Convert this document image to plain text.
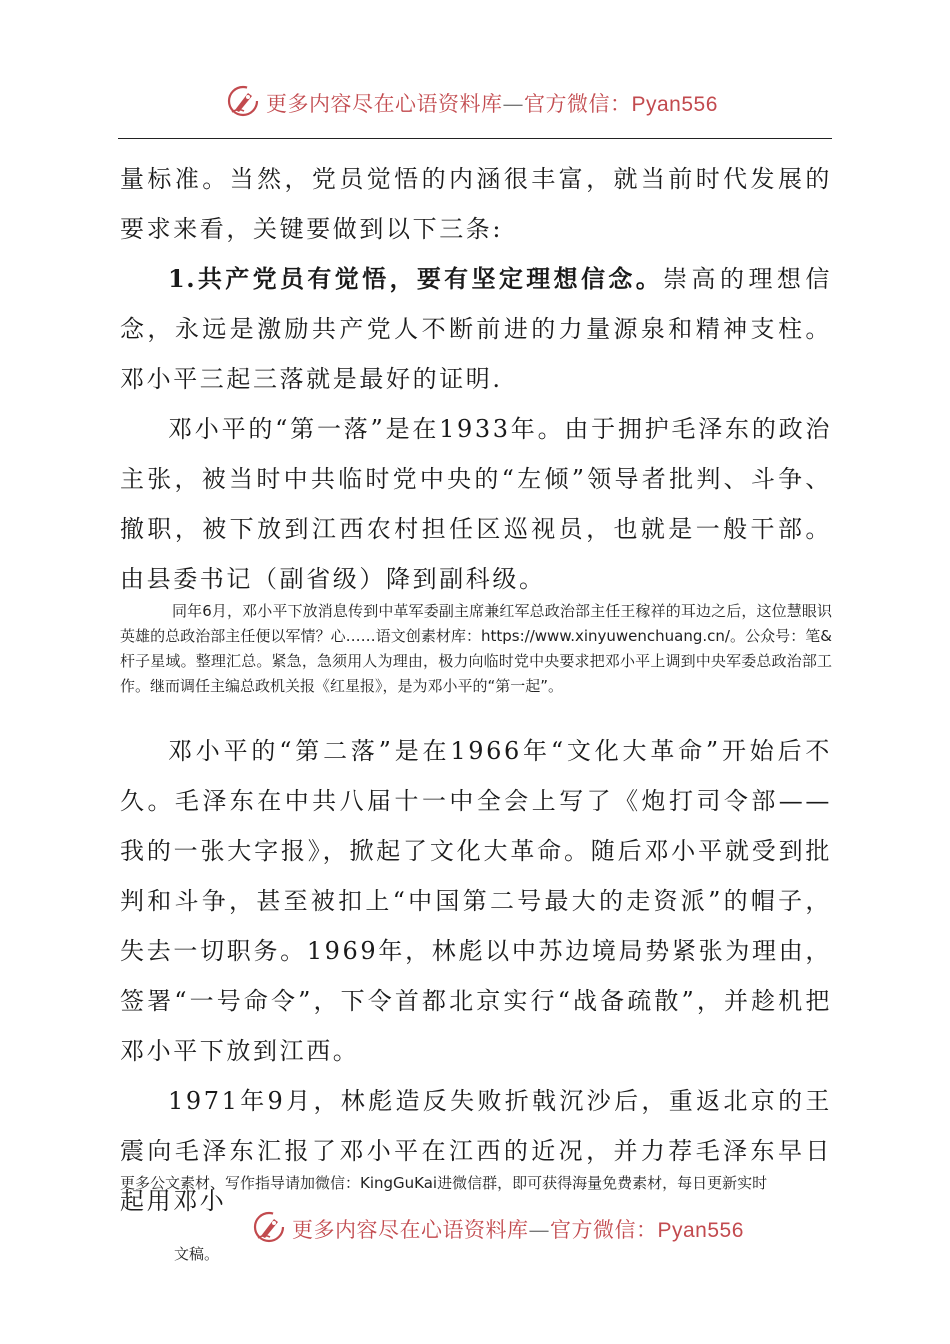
更多内容尽在心语资料库—官方微信：Pyan556

量标准。当然，党员觉悟的内涵很丰富，就当前时代发展的要求来看，关键要做到以下三条:

1.共产党员有觉悟，要有坚定理想信念。崇高的理想信念，永远是激励共产党人不断前进的力量源泉和精神支柱。邓小平三起三落就是最好的证明.

邓小平的“第一落”是在1933年。由于拥护毛泽东的政治主张，被当时中共临时党中央的“左倾”领导者批判、斗争、撤职，被下放到江西农村担任区巡视员，也就是一般干部。由县委书记（副省级）降到副科级。

同年6月，邓小平下放消息传到中革军委副主席兼红军总政治部主任王稼祥的耳边之后，这位慧眼识英雄的总政治部主任便以军情？心……语文创素材库：https://www.xinyuwenchuang.cn/。公众号：笔&杆子星域。整理汇总。紧急，急须用人为理由，极力向临时党中央要求把邓小平上调到中央军委总政治部工作。继而调任主编总政机关报《红星报》，是为邓小平的“第一起”。

邓小平的“第二落”是在1966年“文化大革命”开始后不久。毛泽东在中共八届十一中全会上写了《炮打司令部——我的一张大字报》，掀起了文化大革命。随后邓小平就受到批判和斗争，甚至被扣上“中国第二号最大的走资派”的帽子，失去一切职务。1969年，林彪以中苏边境局势紧张为理由，签署“一号命令”，下令首都北京实行“战备疏散”，并趁机把邓小平下放到江西。

1971年9月，林彪造反失败折戟沉沙后，重返北京的王震向毛泽东汇报了邓小平在江西的近况，并力荐毛泽东早日起用邓小

更多公文素材、写作指导请加微信：KingGuKai进微信群，即可获得海量免费素材，每日更新实时

更多内容尽在心语资料库—官方微信：Pyan556
文稿。
